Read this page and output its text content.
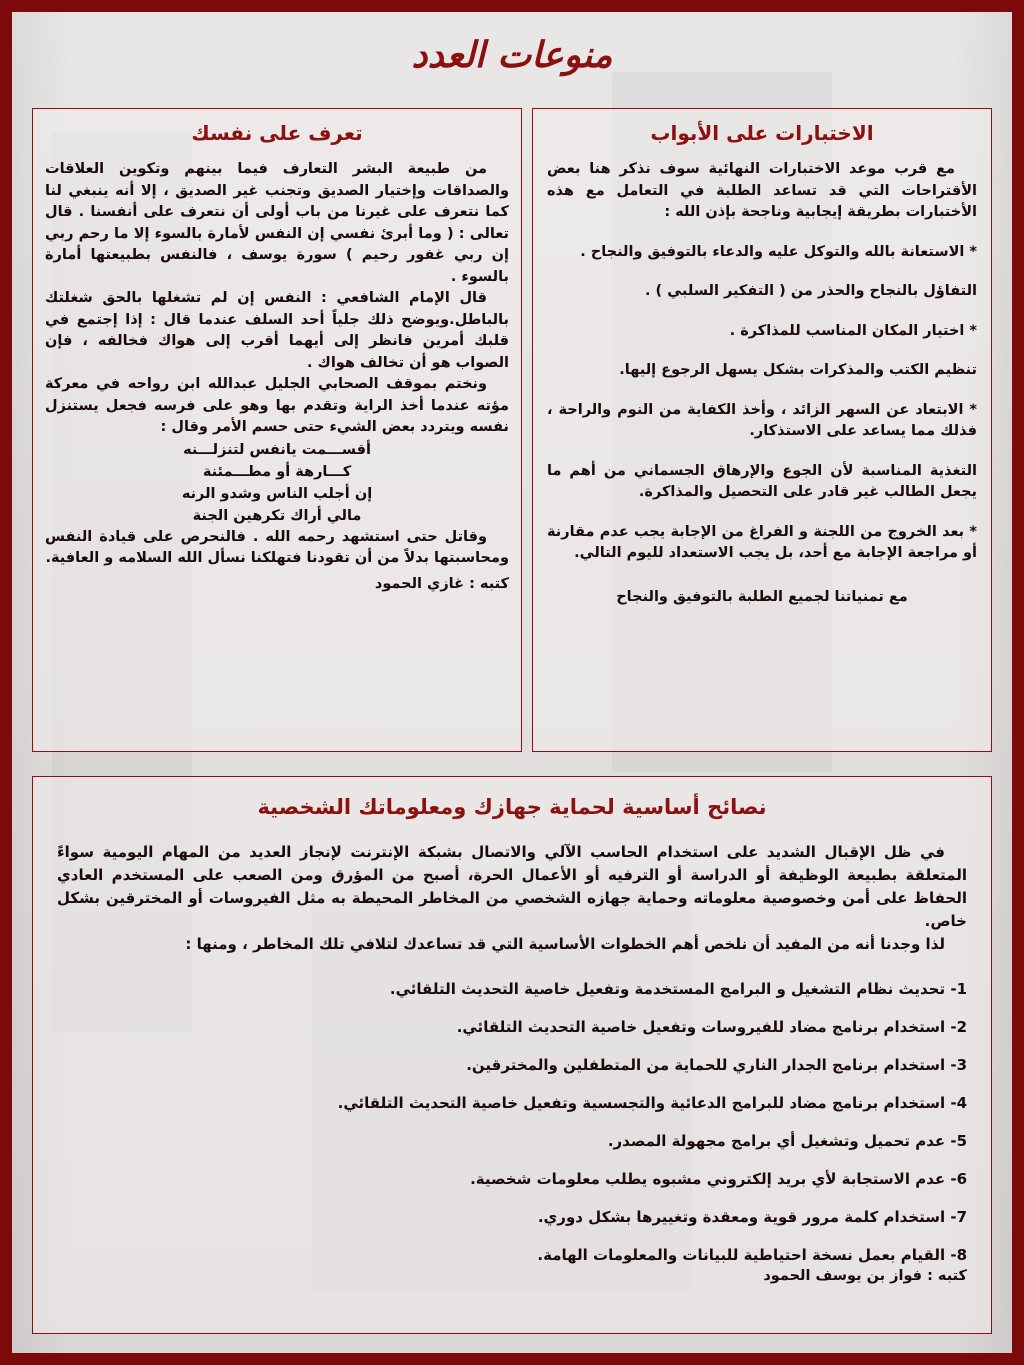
منوعات العدد
الاختبارات على الأبواب

مع قرب موعد الاختبارات النهائية سوف نذكر هنا بعض الأقتراحات التي قد تساعد الطلبة في التعامل مع هذه الأختبارات بطريقة إيجابية وناجحة بإذن الله :

* الاستعانة بالله والتوكل عليه والدعاء بالتوفيق والنجاح .

التفاؤل بالنجاح والحذر من ( التفكير السلبي ) .

* اختيار المكان المناسب للمذاكرة .

تنظيم الكتب والمذكرات بشكل يسهل الرجوع إليها.

* الابتعاد عن السهر الزائد ، وأخذ الكفاية من النوم والراحة ، فذلك مما يساعد على الاستذكار.

التغذية المناسبة لأن الجوع والإرهاق الجسماني من أهم ما يجعل الطالب غير قادر على التحصيل والمذاكرة.

* بعد الخروج من اللجنة و الفراغ من الإجابة يجب عدم مقارنة أو مراجعة الإجابة مع أحد، بل يجب الاستعداد لليوم التالي.

مع تمنياتنا لجميع الطلبة بالتوفيق والنجاح

تعرف على نفسك

من طبيعة البشر التعارف فيما بينهم وتكوين العلاقات والصداقات وإختيار الصديق وتجنب غير الصديق ، إلا أنه ينبغي لنا كما نتعرف على غيرنا من باب أولى أن نتعرف على أنفسنا . قال تعالى : ( وما أبرئ نفسي إن النفس لأمارة بالسوء إلا ما رحم ربي إن ربي غفور رحيم ) سورة يوسف ، فالنفس بطبيعتها أمارة بالسوء .

قال الإمام الشافعي : النفس إن لم تشغلها بالحق شغلتك بالباطل.ويوضح ذلك جلياً أحد السلف عندما قال : إذا إجتمع في قلبك أمرين فانظر إلى أيهما أقرب إلى هواك فخالفه ، فإن الصواب هو أن تخالف هواك .

ونختم بموقف الصحابي الجليل عبدالله ابن رواحه في معركة مؤته عندما أخذ الراية وتقدم بها وهو على فرسه فجعل يستنزل نفسه ويتردد بعض الشيء حتى حسم الأمر وقال :

أقســـمت يانفس لتنزلـــنه
كـــارهة أو مطـــمئنة
إن أجلب الناس وشدو الرنه
مالي أراك تكرهين الجنة

وقاتل حتى استشهد رحمه الله . فالنحرص على قيادة النفس ومحاسبتها بدلاً من أن تقودنا فتهلكنا نسأل الله السلامه و العافية.

كتبه : غازي الحمود
نصائح أساسية لحماية جهازك ومعلوماتك الشخصية

في ظل الإقبال الشديد على استخدام الحاسب الآلي والاتصال بشبكة الإنترنت لإنجاز العديد من المهام اليومية سواءً المتعلقة بطبيعة الوظيفة أو الدراسة أو الترفيه أو الأعمال الحرة، أصبح من المؤرق ومن الصعب على المستخدم العادي الحفاظ على أمن وخصوصية معلوماته وحماية جهازه الشخصي من المخاطر المحيطة به مثل الفيروسات أو المخترقين بشكل خاص.

لذا وجدنا أنه من المفيد أن نلخص أهم الخطوات الأساسية التي قد تساعدك لتلافي تلك المخاطر ، ومنها :

1- تحديث نظام التشغيل و البرامج المستخدمة وتفعيل خاصية التحديث التلقائي.

2- استخدام برنامج مضاد للفيروسات وتفعيل خاصية التحديث التلقائي.

3- استخدام برنامج الجدار الناري للحماية من المتطفلين والمخترقين.

4- استخدام برنامج مضاد للبرامج الدعائية والتجسسية وتفعيل خاصية التحديث التلقائي.

5- عدم تحميل وتشغيل أي برامج مجهولة المصدر.

6- عدم الاستجابة لأي بريد إلكتروني مشبوه يطلب معلومات شخصية.

7- استخدام كلمة مرور قوية ومعقدة وتغييرها بشكل دوري.

8- القيام بعمل نسخة احتياطية للبيانات والمعلومات الهامة.

كتبه : فواز بن يوسف الحمود
